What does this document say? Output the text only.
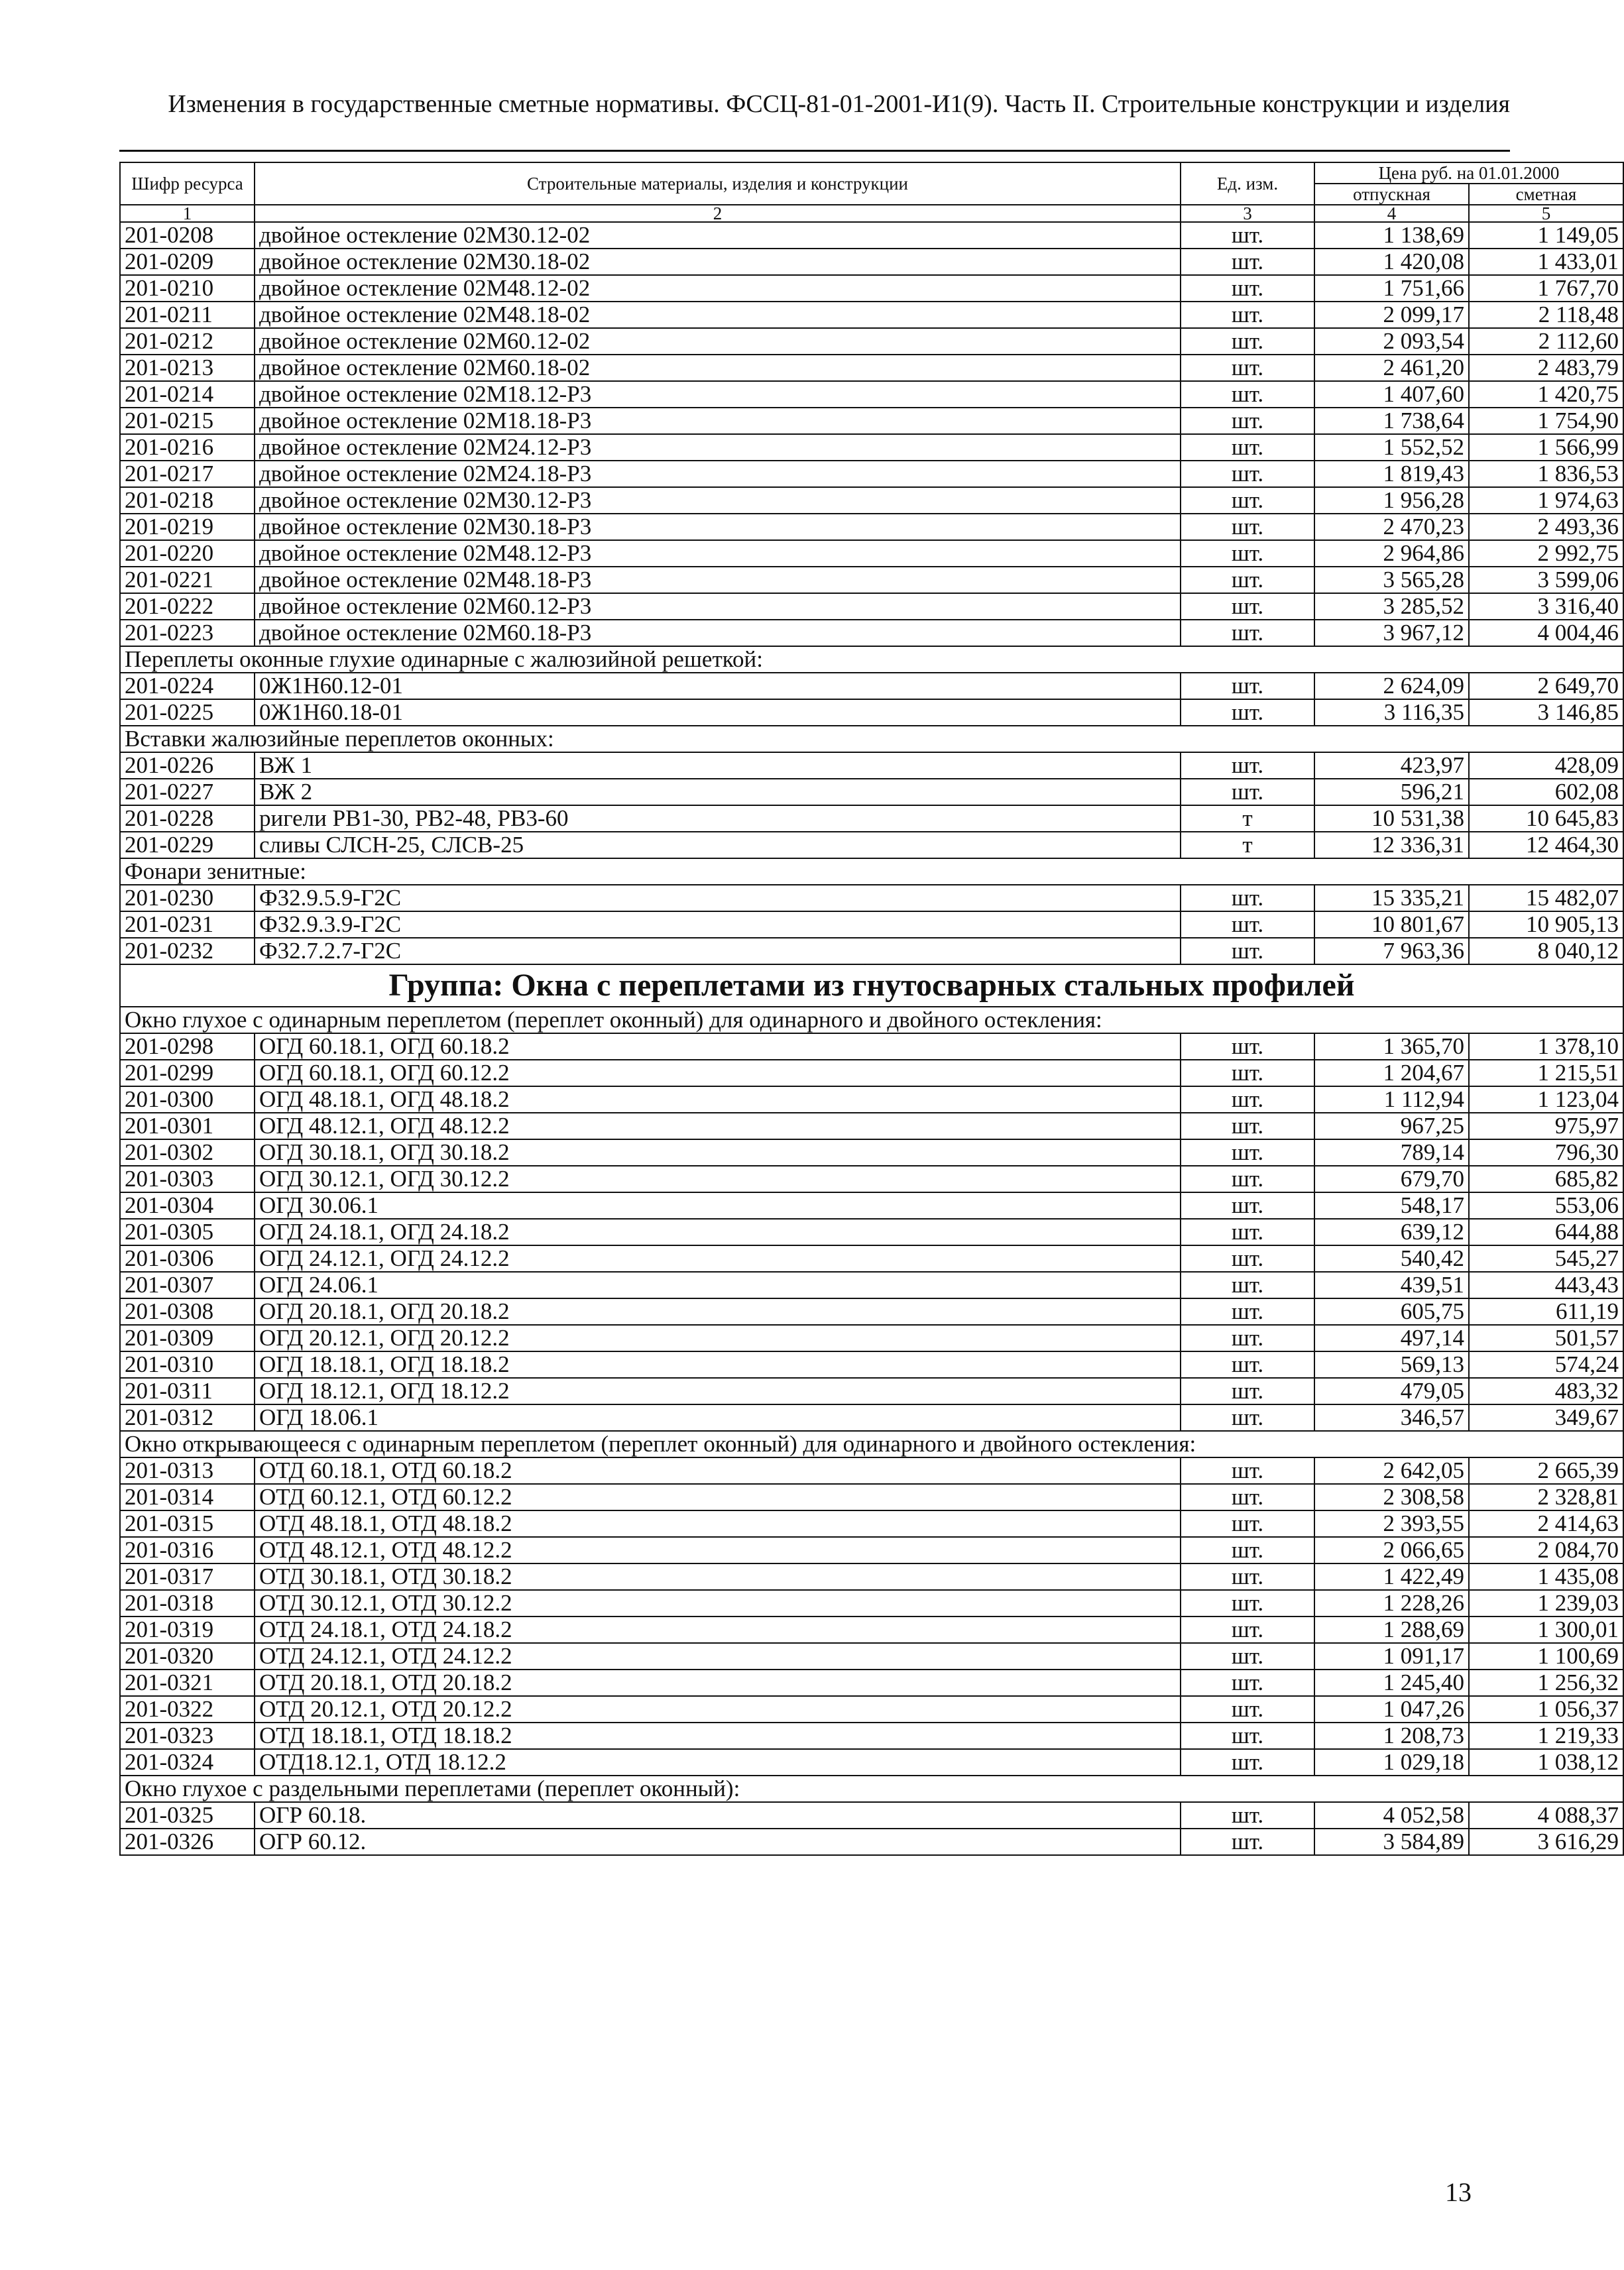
Изменения в государственные сметные нормативы. ФССЦ-81-01-2001-И1(9). Часть II. Строительные конструкции и изделия
Шифр ресурса	Строительные материалы, изделия и конструкции	Ед. изм.	Цена руб. на 01.01.2000	
			отпускная	сметная
1	2	3	4	5
201-0208	двойное остекление 02М30.12-02	шт.	1 138,69	1 149,05
201-0209	двойное остекление 02М30.18-02	шт.	1 420,08	1 433,01
201-0210	двойное остекление 02М48.12-02	шт.	1 751,66	1 767,70
201-0211	двойное остекление 02М48.18-02	шт.	2 099,17	2 118,48
201-0212	двойное остекление 02М60.12-02	шт.	2 093,54	2 112,60
201-0213	двойное остекление 02М60.18-02	шт.	2 461,20	2 483,79
201-0214	двойное остекление 02М18.12-Р3	шт.	1 407,60	1 420,75
201-0215	двойное остекление 02М18.18-Р3	шт.	1 738,64	1 754,90
201-0216	двойное остекление 02М24.12-Р3	шт.	1 552,52	1 566,99
201-0217	двойное остекление 02М24.18-Р3	шт.	1 819,43	1 836,53
201-0218	двойное остекление 02М30.12-Р3	шт.	1 956,28	1 974,63
201-0219	двойное остекление 02М30.18-Р3	шт.	2 470,23	2 493,36
201-0220	двойное остекление 02М48.12-Р3	шт.	2 964,86	2 992,75
201-0221	двойное остекление 02М48.18-Р3	шт.	3 565,28	3 599,06
201-0222	двойное остекление 02М60.12-Р3	шт.	3 285,52	3 316,40
201-0223	двойное остекление 02М60.18-Р3	шт.	3 967,12	4 004,46
Переплеты оконные глухие одинарные с жалюзийной решеткой:				
201-0224	0Ж1Н60.12-01	шт.	2 624,09	2 649,70
201-0225	0Ж1Н60.18-01	шт.	3 116,35	3 146,85
Вставки жалюзийные переплетов оконных:				
201-0226	ВЖ 1	шт.	423,97	428,09
201-0227	ВЖ 2	шт.	596,21	602,08
201-0228	ригели РВ1-30, РВ2-48, РВ3-60	т	10 531,38	10 645,83
201-0229	сливы СЛСН-25, СЛСВ-25	т	12 336,31	12 464,30
Фонари зенитные:				
201-0230	Ф32.9.5.9-Г2С	шт.	15 335,21	15 482,07
201-0231	Ф32.9.3.9-Г2С	шт.	10 801,67	10 905,13
201-0232	Ф32.7.2.7-Г2С	шт.	7 963,36	8 040,12
Группа: Окна с переплетами из гнутосварных стальных профилей				
Окно глухое с одинарным переплетом (переплет оконный) для одинарного и двойного остекления:				
201-0298	ОГД 60.18.1, ОГД 60.18.2	шт.	1 365,70	1 378,10
201-0299	ОГД 60.18.1, ОГД 60.12.2	шт.	1 204,67	1 215,51
201-0300	ОГД 48.18.1, ОГД 48.18.2	шт.	1 112,94	1 123,04
201-0301	ОГД 48.12.1, ОГД 48.12.2	шт.	967,25	975,97
201-0302	ОГД 30.18.1, ОГД 30.18.2	шт.	789,14	796,30
201-0303	ОГД 30.12.1, ОГД 30.12.2	шт.	679,70	685,82
201-0304	ОГД 30.06.1	шт.	548,17	553,06
201-0305	ОГД 24.18.1, ОГД 24.18.2	шт.	639,12	644,88
201-0306	ОГД 24.12.1, ОГД 24.12.2	шт.	540,42	545,27
201-0307	ОГД 24.06.1	шт.	439,51	443,43
201-0308	ОГД 20.18.1, ОГД 20.18.2	шт.	605,75	611,19
201-0309	ОГД 20.12.1, ОГД 20.12.2	шт.	497,14	501,57
201-0310	ОГД 18.18.1, ОГД 18.18.2	шт.	569,13	574,24
201-0311	ОГД 18.12.1, ОГД 18.12.2	шт.	479,05	483,32
201-0312	ОГД 18.06.1	шт.	346,57	349,67
Окно открывающееся с одинарным переплетом (переплет оконный) для одинарного и двойного остекления:				
201-0313	ОТД 60.18.1, ОТД 60.18.2	шт.	2 642,05	2 665,39
201-0314	ОТД 60.12.1, ОТД 60.12.2	шт.	2 308,58	2 328,81
201-0315	ОТД 48.18.1, ОТД 48.18.2	шт.	2 393,55	2 414,63
201-0316	ОТД 48.12.1, ОТД 48.12.2	шт.	2 066,65	2 084,70
201-0317	ОТД 30.18.1, ОТД 30.18.2	шт.	1 422,49	1 435,08
201-0318	ОТД 30.12.1, ОТД 30.12.2	шт.	1 228,26	1 239,03
201-0319	ОТД 24.18.1, ОТД 24.18.2	шт.	1 288,69	1 300,01
201-0320	ОТД 24.12.1, ОТД 24.12.2	шт.	1 091,17	1 100,69
201-0321	ОТД 20.18.1, ОТД 20.18.2	шт.	1 245,40	1 256,32
201-0322	ОТД 20.12.1, ОТД 20.12.2	шт.	1 047,26	1 056,37
201-0323	ОТД 18.18.1, ОТД 18.18.2	шт.	1 208,73	1 219,33
201-0324	ОТД18.12.1, ОТД 18.12.2	шт.	1 029,18	1 038,12
Окно глухое с раздельными переплетами (переплет оконный):				
201-0325	ОГР 60.18.	шт.	4 052,58	4 088,37
201-0326	ОГР 60.12.	шт.	3 584,89	3 616,29
13
